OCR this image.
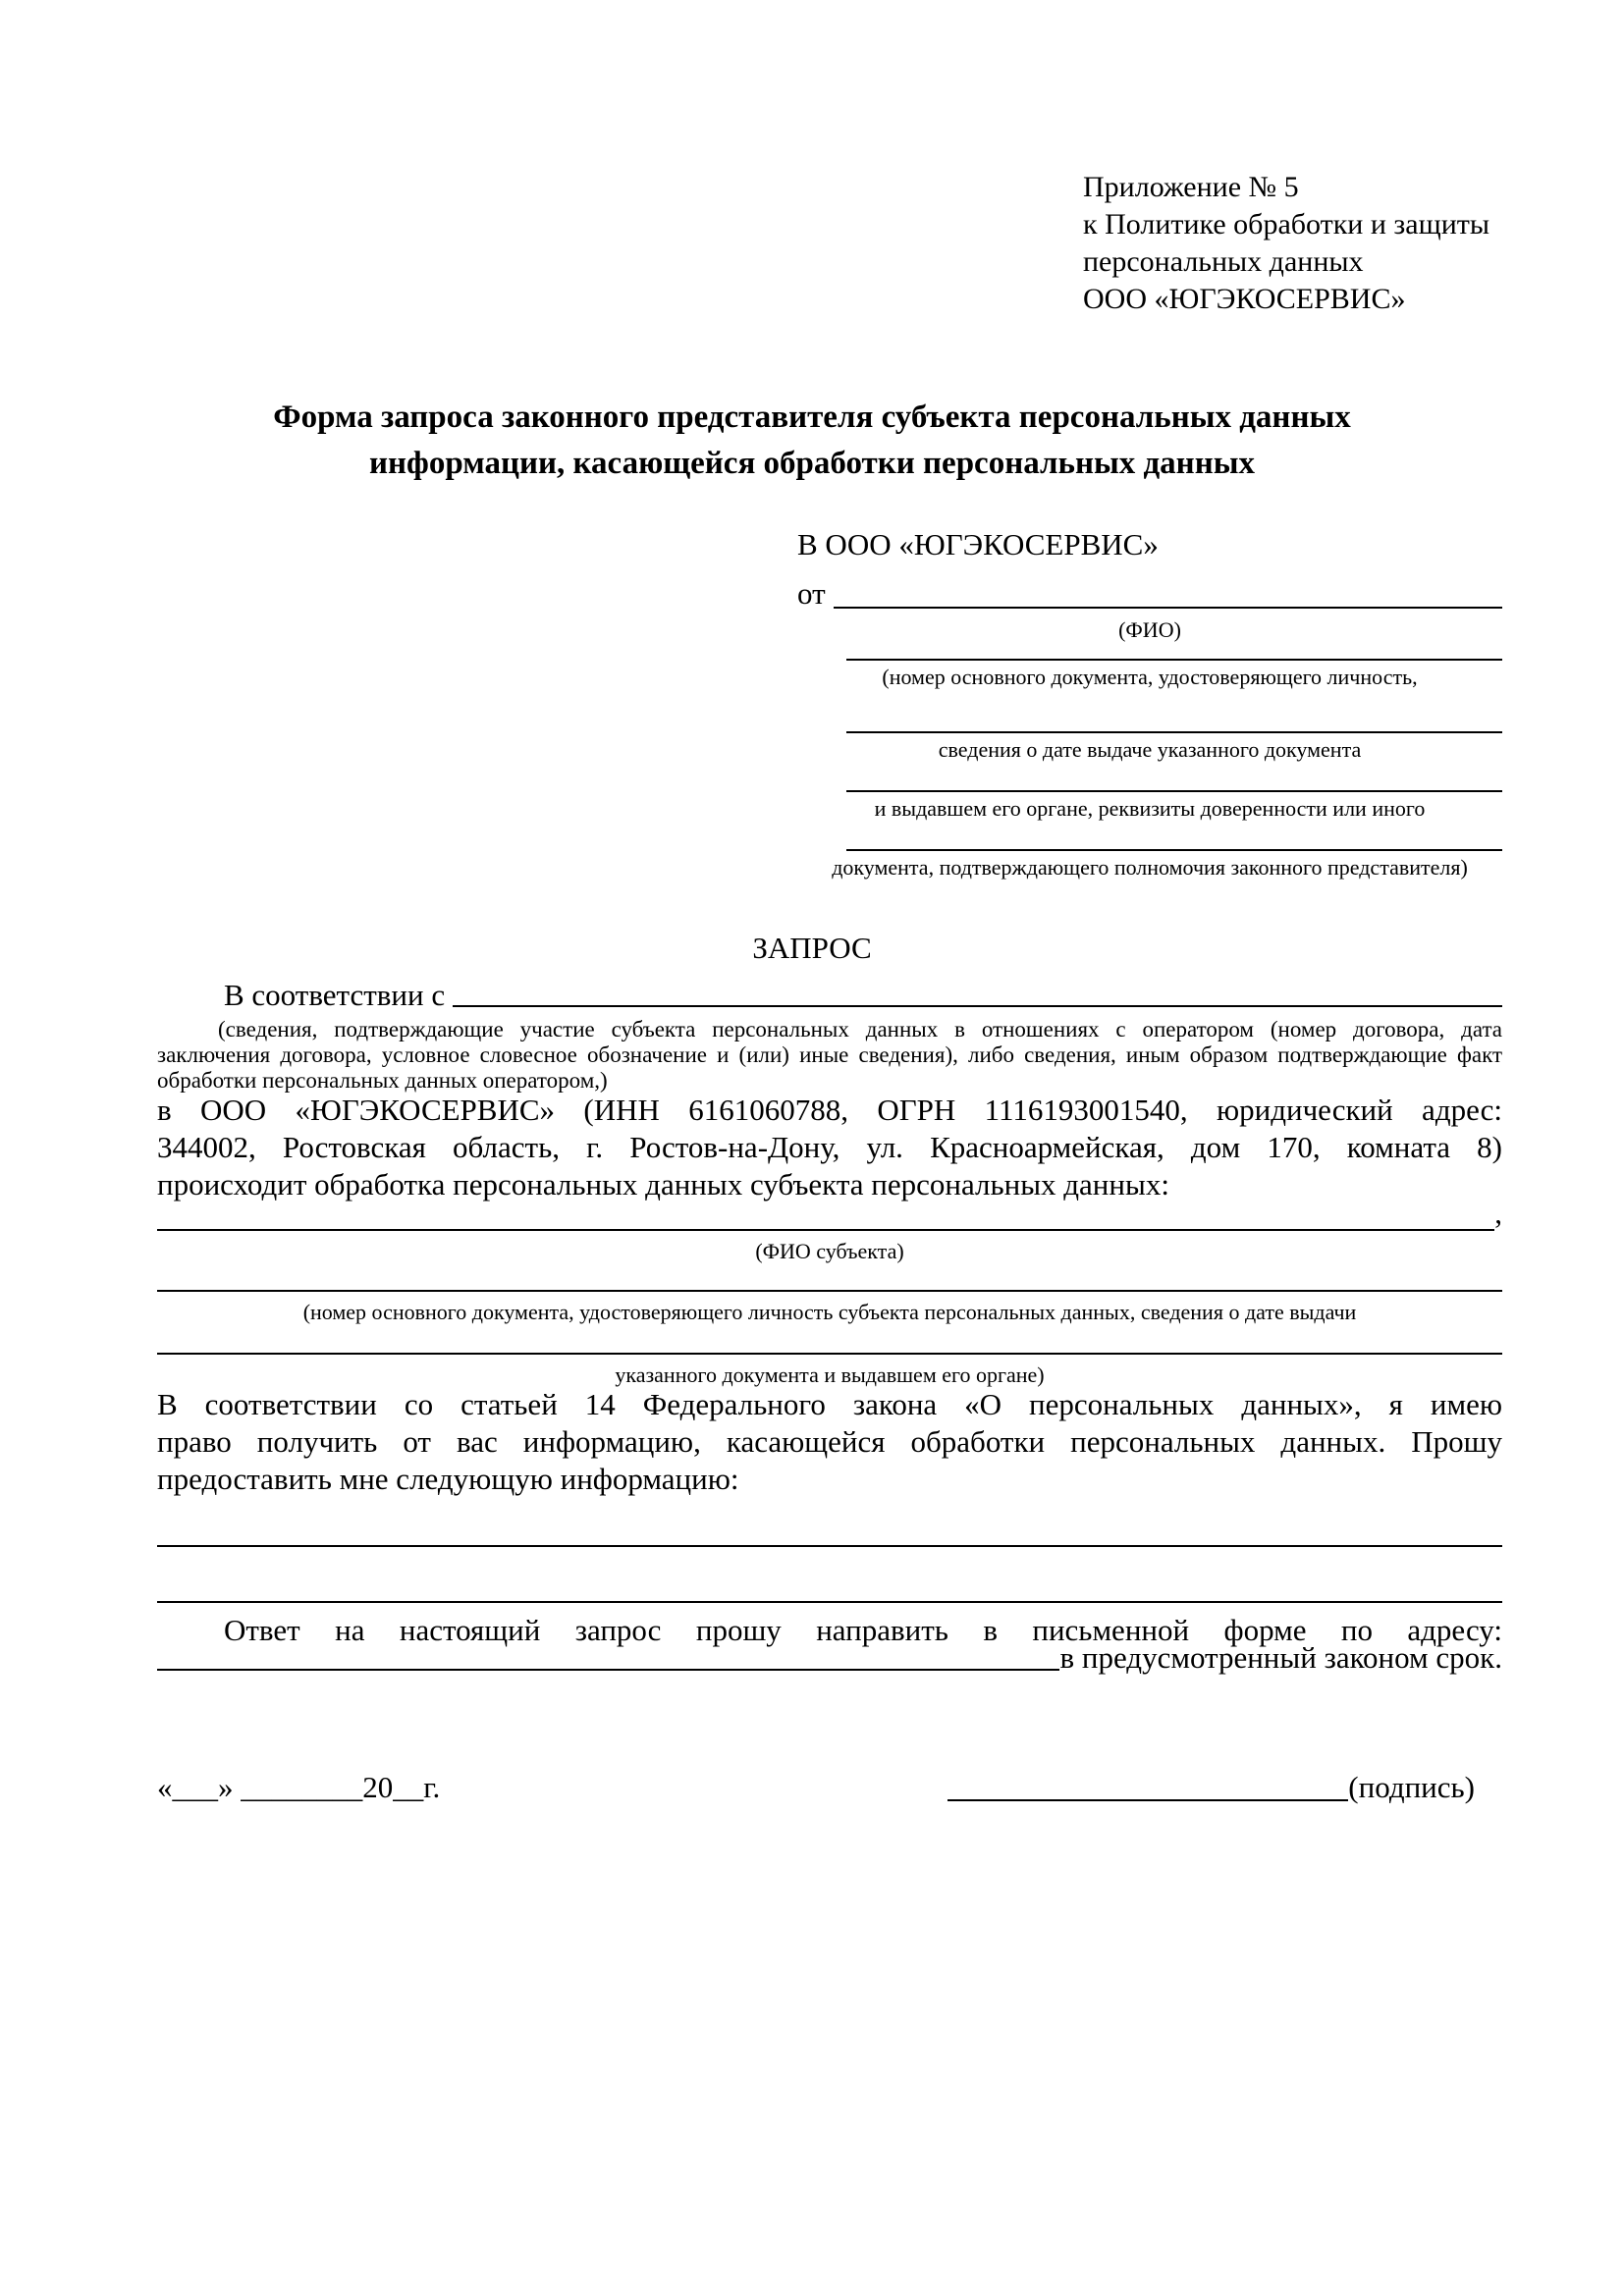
Приложение № 5
к Политике обработки и защиты
персональных данных
ООО «ЮГЭКОСЕРВИС»
Форма запроса законного представителя субъекта персональных данных
информации, касающейся обработки персональных данных
В ООО «ЮГЭКОСЕРВИС»
от
(ФИО)
(номер основного документа, удостоверяющего личность,
сведения о дате выдаче указанного документа
и выдавшем его органе, реквизиты доверенности или иного
документа, подтверждающего полномочия законного представителя)
ЗАПРОС
В соответствии с
(сведения, подтверждающие участие субъекта персональных данных в отношениях с оператором (номер договора, дата
заключения договора, условное словесное обозначение и (или) иные сведения), либо сведения, иным образом подтверждающие факт
обработки персональных данных оператором,)
в ООО «ЮГЭКОСЕРВИС» (ИНН 6161060788, ОГРН 1116193001540, юридический адрес:
344002, Ростовская область, г. Ростов-на-Дону, ул. Красноармейская, дом 170, комната 8)
происходит обработка персональных данных субъекта персональных данных:
,
(ФИО субъекта)
(номер основного документа, удостоверяющего личность субъекта персональных данных, сведения о дате выдачи
указанного документа и выдавшем его органе)
В соответствии со статьей 14 Федерального закона «О персональных данных», я имею
право получить от вас информацию, касающейся обработки персональных данных. Прошу
предоставить мне следующую информацию:
Ответ на настоящий запрос прошу направить в письменной форме по адресу:
в предусмотренный законом срок.
«___» ________20__г.	(подпись)
